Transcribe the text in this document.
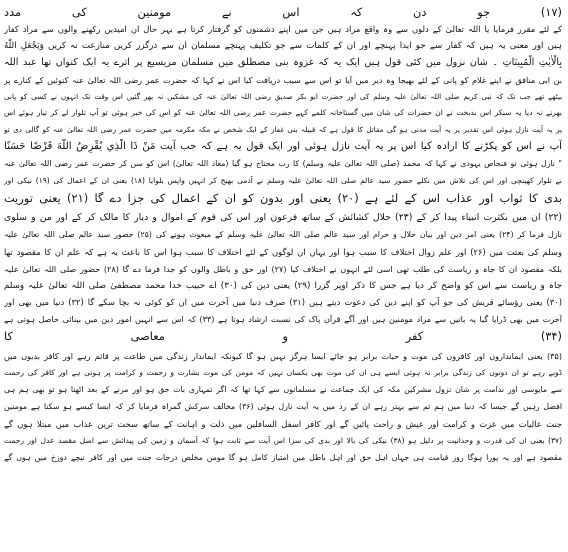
(۱۷) جو دن کہ اس نے مومنین کی مدد
کے لئے مقرر فرمایا یا اللہ تعالیٰ کے دلوں سے وہ واقع مراد ہیں جن میں اپنے دشمنوں کو گرفتار کرتا ہے بہر حال ان امیدیں رکھنے والوں سے مراد کفار
ہیں اور معنی یہ ہیں کہ کفار سے جو ایذا پہنچے اور ان کے کلمات سے جو تکلیف پہنچے مسلمان ان سے درگزر کریں منازعت نہ کریں وَيَجْعَلِ اللّٰهُ
بِالْاٰيٰتِ الْمُبِينَاتِ ۔ شان نزول میں کئی قول ہیں ایک یہ کہ غزوہ بنی مصطلق میں مسلمان مریسیع پر اترے یہ ایک کنواں تھا عبد اللہ
بن ابی منافق نے اپنے غلام کو پانی کے لئے بھیجا وہ دیر میں آیا تو اس سے سبب دریافت کیا اس نے کہا کہ حضرت عمر رضی اللہ تعالیٰ عنہ کنوئیں کے کنارے پر
بیٹھے تھے جب تک کہ نبی کریم صلی اللہ تعالیٰ علیہ وسلم کی اور حضرت ابو بکر صدیق رضی اللہ تعالیٰ عنہ کی مشکیں نہ بھر گئیں اس وقت تک انہوں نے کسی کو پانی
بھرنے نہ دیا یہ سنکر اس بدبخت نے ان حضرات کی شان میں گستاخانہ کلمے کہے حضرت عمر رضی اللہ تعالیٰ عنہ کو اس کی خبر ہوئی تو آپ تلوار لے کر تیار ہوئے اس
پر یہ آیت نازل ہوئی اس تقدیر پر یہ آیت مدنی ہو گی مقاتل کا قول ہے کہ قبیلہ بنی غفار کے ایک شخص نے مکہ مکرمہ میں حضرت عمر رضی اللہ تعالیٰ عنہ کو گالی دی تو
آپ نے اس کو پکڑنے کا ارادہ کیا اس پر یہ آیت نازل ہوئی اور ایک قول یہ ہے کہ جب آیت مَنْ ذَا الَّذِي يُقْرِضُ اللّٰهَ قَرْضًا حَسَنًا
" نازل ہوئی تو فنحاص یہودی نے کہا کہ محمد (صلی اللہ تعالیٰ علیہ وسلم) کا رب محتاج ہو گیا (معاذ اللہ تعالیٰ) اس کو سن کر حضرت عمر رضی اللہ تعالیٰ عنہ
نے تلوار کھینچی اور اس کی تلاش میں نکلے حضور سید عالم صلی اللہ تعالیٰ علیہ وسلم نے آدمی بھیج کر انہیں واپس بلوایا (۱۸) یعنی ان کے اعمال کی (۱۹) نیکی اور
بدی کا ثواب اور عذاب اس کے لئے ہے (۲۰) یعنی اور بدون کو ان کے اعمال کی جزا دے گا (۲۱) یعنی توریت
(۲۲) ان میں بکثرت انبیاء پیدا کر کے (۲۳) حلال کشائش کے ساتھ فرعون اور اس کی قوم کے اموال و دیار کا مالک کر کے اور من و سلوی
نازل فرما کر (۲۴) یعنی امر دین اور بیان حلال و حرام اور سید عالم صلی اللہ تعالیٰ علیہ وسلم کے مبعوث ہونے کی (۲۵) حضور سید عالم صلی اللہ تعالیٰ علیہ
وسلم کی بعثت میں (۲۶) اور علم زوال اختلاف کا سبب ہوا اور یہاں ان لوگوں کے لئے اختلاف کا سبب ہوا اس کا باعث یہ ہے کہ علم ان کا مقصود تھا
بلکہ مقصود ان کا جاہ و ریاست کی طلب تھی اسی لئے انہوں نے اختلاف کیا (۲۷) اور حق و باطل والوں کو جدا فرما دے گا (۲۸) حضور صلی اللہ تعالیٰ علیہ
جاہ و ریاست سے اس کو واضح کر دیا ہے جس کا ذکر اوپر گزرا (۲۹) یعنی دین کی (۳۰) اے حبیب خدا محمد مصطفیٰ صلی اللہ تعالیٰ علیہ وسلم
(۳۰) یعنی رؤسائے قریش کی جو آپ کو اپنے دین کی دعوت دیتے ہیں (۳۱) صرف دنیا میں آخرت میں ان کو کوئی نہ بچا سکے گا (۳۲) دنیا میں بھی اور
آخرت میں بھی ڈرایا گیا یہ باتیں سے مراد مومنین ہیں اور آگے قرآن پاک کی نسبت ارشاد ہوتا ہے (۳۳) کہ اس سے انہیں امور دین میں بینائی حاصل ہوتی ہے
(۳۴) کفر و معاصی کا
(۳۵) یعنی ایمانداروں اور کافروں کی موت و حیات برابر ہو جائے ایسا ہرگز نہیں ہو گا کیونکہ ایماندار زندگی میں طاعت پر قائم رہے اور کافر بدیوں میں
ڈوبے رہے تو ان دونوں کی زندگی برابر نہ ہوئی ایسے ہی ان کی موت بھی یکساں نہیں کہ مومن کی موت بشارت و رحمت و کرامت پر ہوتی ہے اور کافر کی رحمت
سے مایوسی اور ندامت پر شان نزول مشرکین مکہ کی ایک جماعت نے مسلمانوں سے کہا تھا کہ اگر تمہاری بات حق ہو اور مرنے کے بعد اٹھنا ہو تو بھی ہم ہی
افضل رہیں گے جیسا کہ دنیا میں ہم تم سے بہتر رہے ان کے رد میں یہ آیت نازل ہوئی (۳۶) مخالف سرکش گمراہ فرمایا کر کہ ایسا کیسے ہو سکتا ہے مومنین
جنت عالیات میں عزت و کرامت اور عیش و راحت پائیں گے اور کافر اسفل السافلین میں ذلت و اہانت کے ساتھ سخت ترین عذاب میں مبتلا ہوں گے
(۳۷) یعنی ان کی قدرت و وحدانیت پر دلیل ہو (۳۸) نیکی کی بالا اور بدی کی سزا اس آیت سے ثابت ہوا کہ آسمان و زمین کی پیدائش سے اصل مقصد عدل اور رحمت
مقصود ہے اور یہ پورا ہوگا روز قیامت ہی جہاں اہل حق اور اہل باطل میں امتیاز کامل ہو گا مومن مخلص درجات جنت میں اور کافر نیچے دوزخ میں ہوں گے
